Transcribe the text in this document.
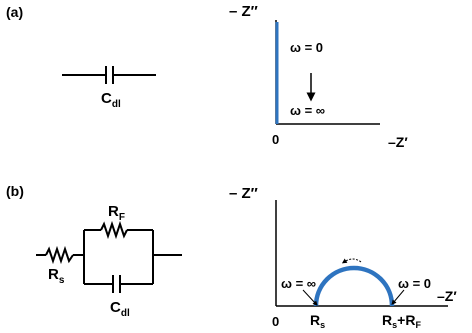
(a)
$C_{dl}$
– Z″
ω = 0
ω = ∞
0	–Z′
(b)
$R_F$
$R_s$
$C_{dl}$
– Z″
ω = ∞	ω = 0
0 $R_s$	$R_s+R_F$
–Z′
